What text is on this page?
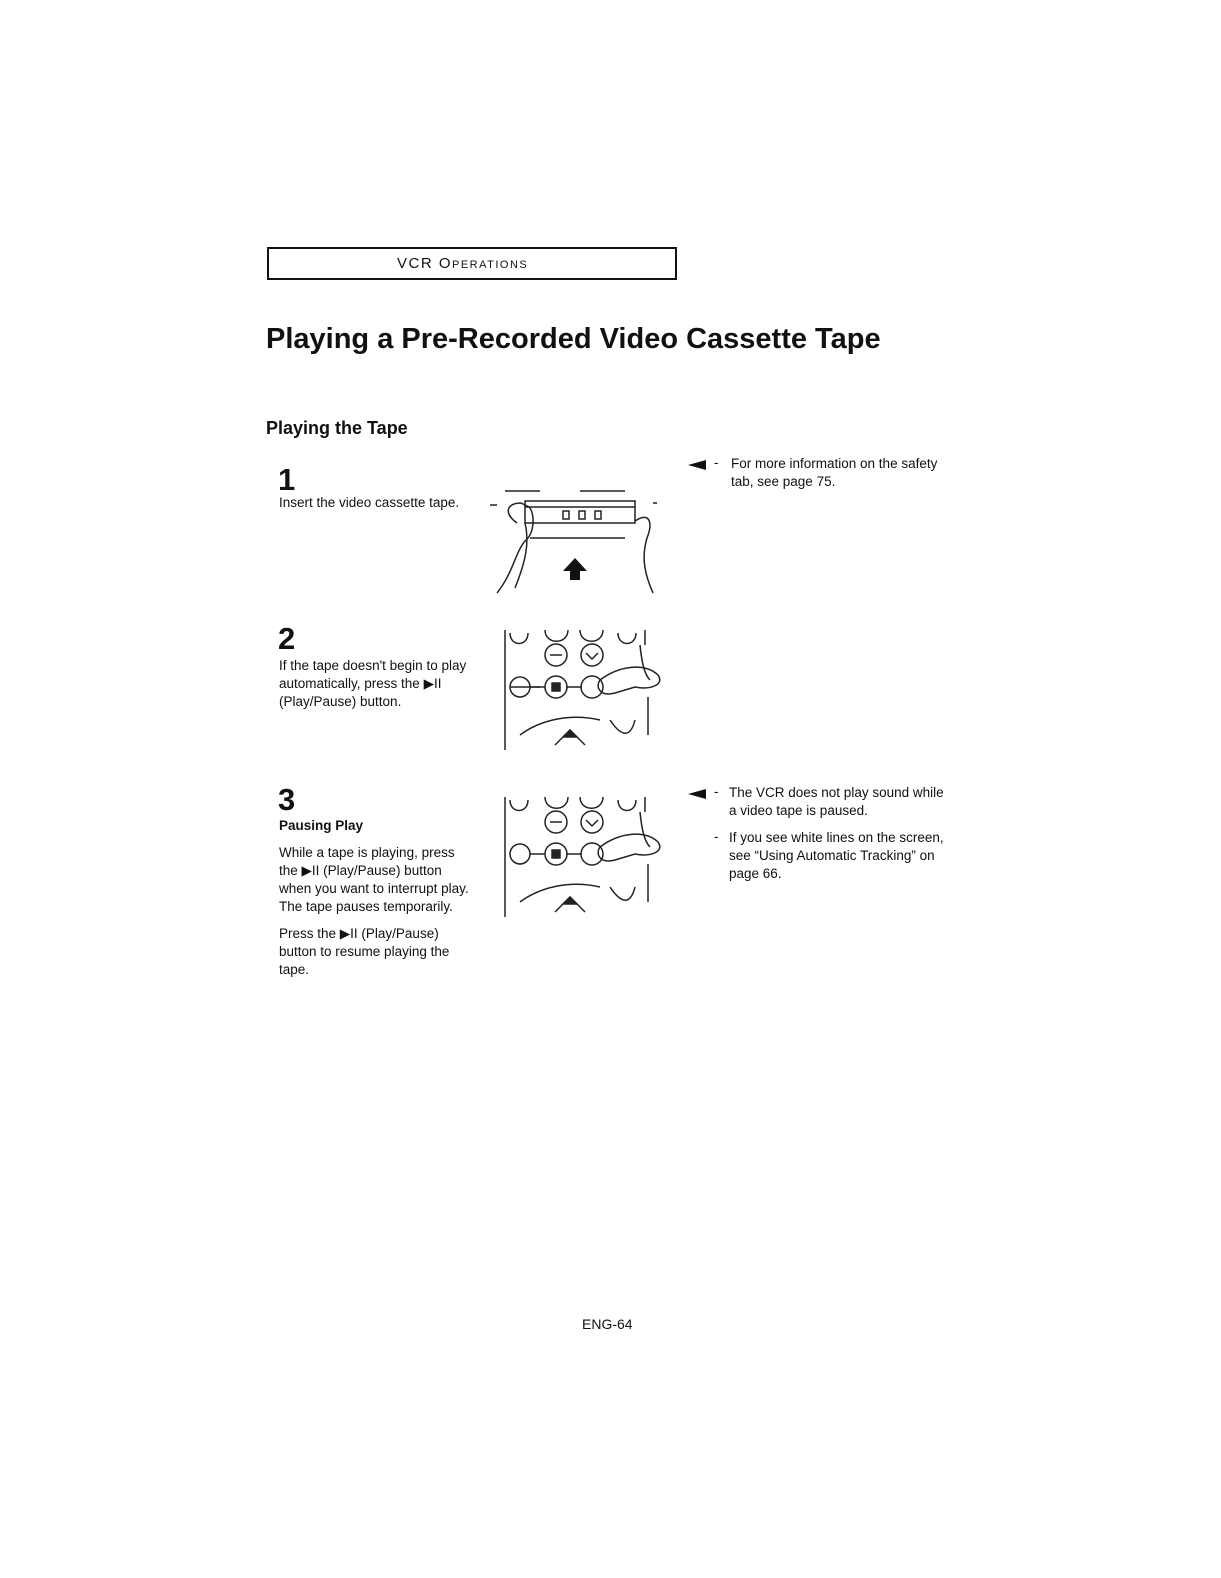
VCR Operations
Playing a Pre-Recorded Video Cassette Tape
Playing the Tape
1

Insert the video cassette tape.

2

If the tape doesn't begin to play
automatically, press the ▶II
(Play/Pause) button.

3
Pausing Play

While a tape is playing, press
the ▶II (Play/Pause) button
when you want to interrupt play.
The tape pauses temporarily.

Press the ▶II (Play/Pause)
button to resume playing the
tape.

- For more information on the safety
tab, see page 75.
- The VCR does not play sound while
a video tape is paused.
- If you see white lines on the screen,
see “Using Automatic Tracking” on
page 66.
ENG-64
